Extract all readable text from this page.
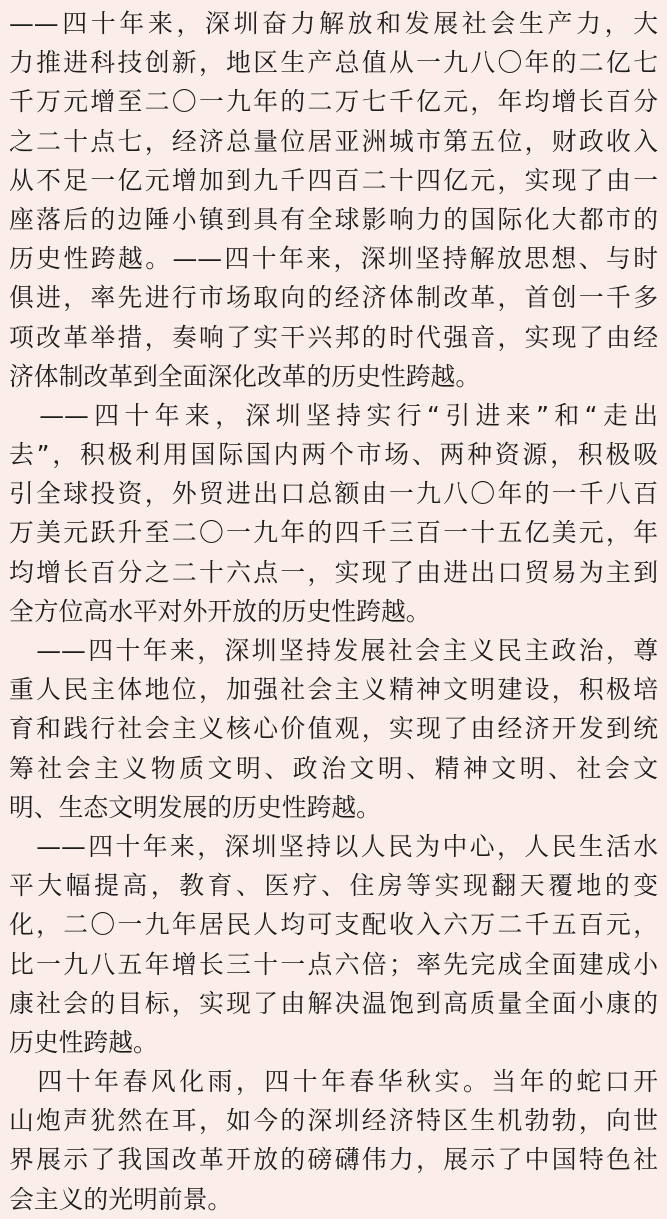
——四十年来，深圳奋力解放和发展社会生产力，大
力推进科技创新，地区生产总值从一九八〇年的二亿七
千万元增至二〇一九年的二万七千亿元，年均增长百分
之二十点七，经济总量位居亚洲城市第五位，财政收入
从不足一亿元增加到九千四百二十四亿元，实现了由一
座落后的边陲小镇到具有全球影响力的国际化大都市的
历史性跨越。——四十年来，深圳坚持解放思想、与时
俱进，率先进行市场取向的经济体制改革，首创一千多
项改革举措，奏响了实干兴邦的时代强音，实现了由经
济体制改革到全面深化改革的历史性跨越。
　——四十年来，深圳坚持实行“引进来”和“走出
去”，积极利用国际国内两个市场、两种资源，积极吸
引全球投资，外贸进出口总额由一九八〇年的一千八百
万美元跃升至二〇一九年的四千三百一十五亿美元，年
均增长百分之二十六点一，实现了由进出口贸易为主到
全方位高水平对外开放的历史性跨越。
　——四十年来，深圳坚持发展社会主义民主政治，尊
重人民主体地位，加强社会主义精神文明建设，积极培
育和践行社会主义核心价值观，实现了由经济开发到统
筹社会主义物质文明、政治文明、精神文明、社会文
明、生态文明发展的历史性跨越。
　——四十年来，深圳坚持以人民为中心，人民生活水
平大幅提高，教育、医疗、住房等实现翻天覆地的变
化，二〇一九年居民人均可支配收入六万二千五百元，
比一九八五年增长三十一点六倍；率先完成全面建成小
康社会的目标，实现了由解决温饱到高质量全面小康的
历史性跨越。
　四十年春风化雨，四十年春华秋实。当年的蛇口开
山炮声犹然在耳，如今的深圳经济特区生机勃勃，向世
界展示了我国改革开放的磅礴伟力，展示了中国特色社
会主义的光明前景。
